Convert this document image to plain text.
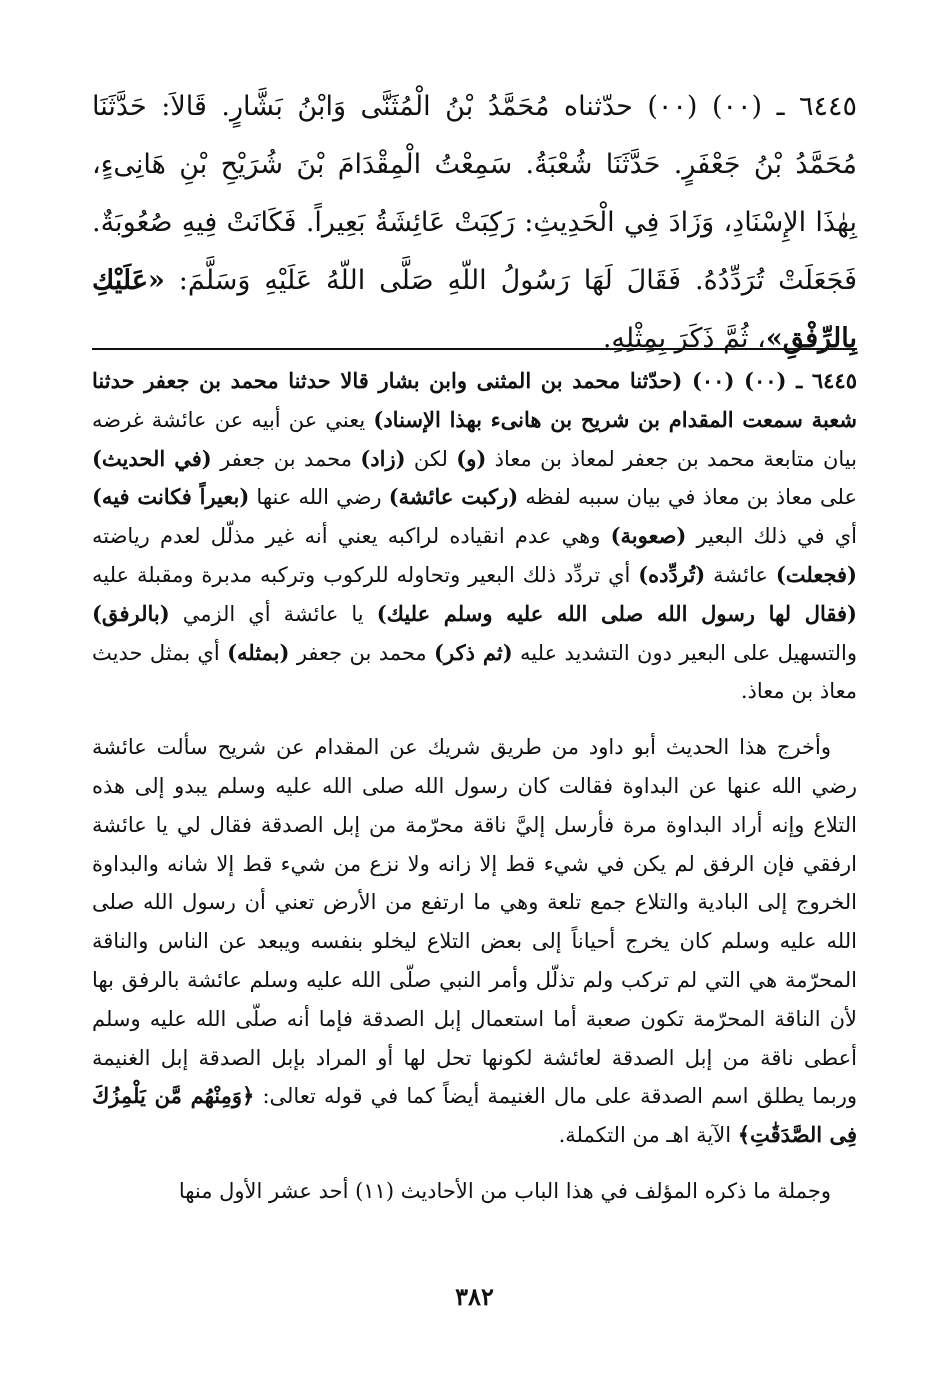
٦٤٤٥ ـ (٠٠) (٠٠) حدّثناه مُحَمَّدُ بْنُ الْمُثَنَّى وَابْنُ بَشَّارٍ. قَالاَ: حَدَّثَنَا مُحَمَّدُ بْنُ جَعْفَرٍ. حَدَّثَنَا شُعْبَةُ. سَمِعْتُ الْمِقْدَامَ بْنَ شُرَيْحِ بْنِ هَانِىءٍ، بِهٰذَا الإِسْنَادِ، وَزَادَ فِي الْحَدِيثِ: رَكِبَتْ عَائِشَةُ بَعِيراً. فَكَانَتْ فِيهِ صُعُوبَةٌ. فَجَعَلَتْ تُرَدِّدُهُ. فَقَالَ لَهَا رَسُولُ اللّهِ صَلَّى اللّهُ عَلَيْهِ وَسَلَّمَ: «عَلَيْكِ بِالرِّفْقِ»، ثُمَّ ذَكَرَ بِمِثْلِهِ.

٦٤٤٥ ـ (٠٠) (٠٠) (حدّثنا محمد بن المثنى وابن بشار قالا حدثنا محمد بن جعفر حدثنا شعبة سمعت المقدام بن شريح بن هانىء بهذا الإسناد) يعني عن أبيه عن عائشة غرضه بيان متابعة محمد بن جعفر لمعاذ بن معاذ (و) لكن (زاد) محمد بن جعفر (في الحديث) على معاذ بن معاذ في بيان سببه لفظه (ركبت عائشة) رضي الله عنها (بعيراً فكانت فيه) أي في ذلك البعير (صعوبة) وهي عدم انقياده لراكبه يعني أنه غير مذلّل لعدم رياضته (فجعلت) عائشة (تُردِّده) أي تردِّد ذلك البعير وتحاوله للركوب وتركبه مدبرة ومقبلة عليه (فقال لها رسول الله صلى الله عليه وسلم عليك) يا عائشة أي الزمي (بالرفق) والتسهيل على البعير دون التشديد عليه (ثم ذكر) محمد بن جعفر (بمثله) أي بمثل حديث معاذ بن معاذ.

وأخرج هذا الحديث أبو داود من طريق شريك عن المقدام عن شريح سألت عائشة رضي الله عنها عن البداوة فقالت كان رسول الله صلى الله عليه وسلم يبدو إلى هذه التلاع وإنه أراد البداوة مرة فأرسل إليَّ ناقة محرّمة من إبل الصدقة فقال لي يا عائشة ارفقي فإن الرفق لم يكن في شيء قط إلا زانه ولا نزع من شيء قط إلا شانه والبداوة الخروج إلى البادية والتلاع جمع تلعة وهي ما ارتفع من الأرض تعني أن رسول الله صلى الله عليه وسلم كان يخرج أحياناً إلى بعض التلاع ليخلو بنفسه ويبعد عن الناس والناقة المحرّمة هي التي لم تركب ولم تذلّل وأمر النبي صلّى الله عليه وسلم عائشة بالرفق بها لأن الناقة المحرّمة تكون صعبة أما استعمال إبل الصدقة فإما أنه صلّى الله عليه وسلم أعطى ناقة من إبل الصدقة لعائشة لكونها تحل لها أو المراد بإبل الصدقة إبل الغنيمة وربما يطلق اسم الصدقة على مال الغنيمة أيضاً كما في قوله تعالى: ﴿وَمِنْهُم مَّن يَلْمِزُكَ فِى الصَّدَقَٰتِ﴾ الآية اهـ من التكملة.

وجملة ما ذكره المؤلف في هذا الباب من الأحاديث (١١) أحد عشر الأول منها

٣٨٢
